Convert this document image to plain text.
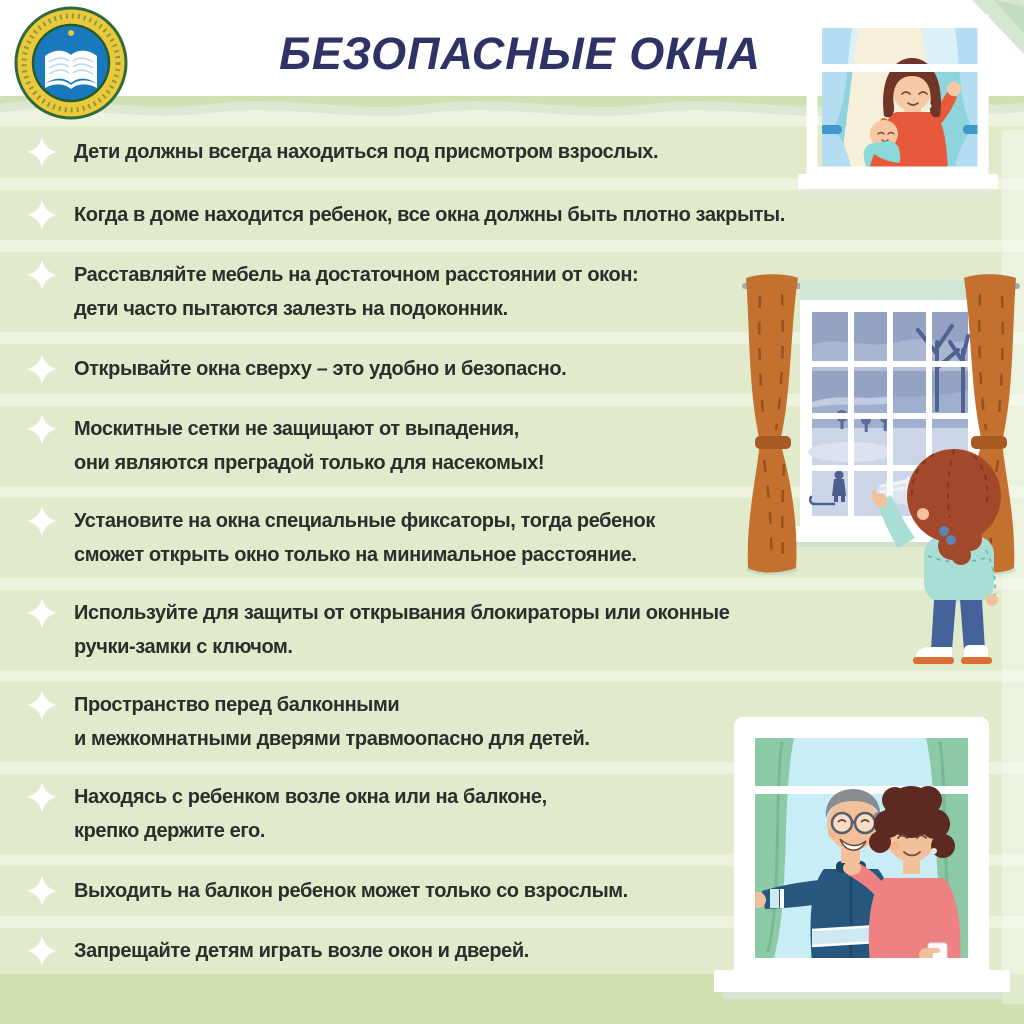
БЕЗОПАСНЫЕ ОКНА
Дети должны всегда находиться под присмотром взрослых.
Когда в доме находится ребенок, все окна должны быть плотно закрыты.
Расставляйте мебель на достаточном расстоянии от окон:
дети часто пытаются залезть на подоконник.
Открывайте окна сверху – это удобно и безопасно.
Москитные сетки не защищают от выпадения,
они являются преградой только для насекомых!
Установите на окна специальные фиксаторы, тогда ребенок
сможет открыть окно только на минимальное расстояние.
Используйте для защиты от открывания блокираторы или оконные
ручки-замки с ключом.
Пространство перед балконными
и межкомнатными дверями травмоопасно для детей.
Находясь с ребенком возле окна или на балконе,
крепко держите его.
Выходить на балкон ребенок может только со взрослым.
Запрещайте детям играть возле окон и дверей.
